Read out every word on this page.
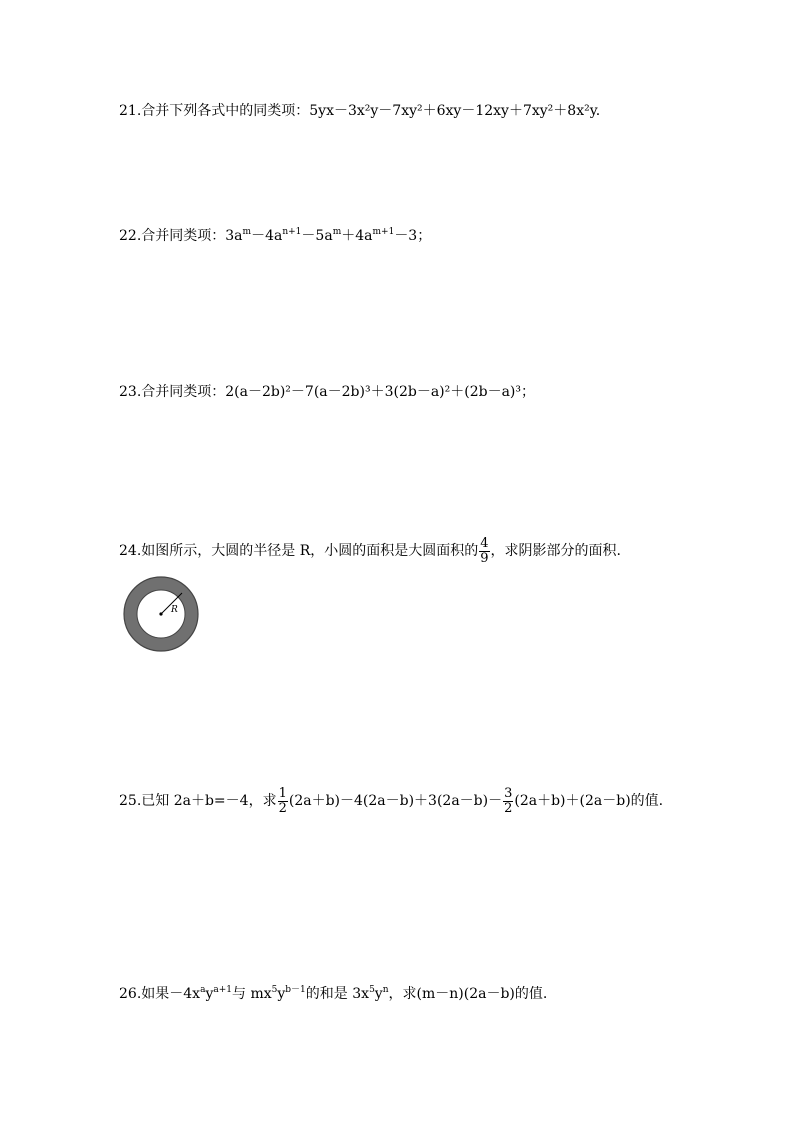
21.合并下列各式中的同类项：5yx－3x²y－7xy²＋6xy－12xy＋7xy²＋8x²y.
22.合并同类项：$3a^m-4a^{n+1}-5a^m+4a^{m+1}-3$；
23.合并同类项：2(a－2b)²－7(a－2b)³＋3(2b－a)²＋(2b－a)³；
24.如图所示，大圆的半径是 R，小圆的面积是大圆面积的 $\frac{4}{9}$ ，求阴影部分的面积.
R
25.已知 2a＋b=－4，求 $\frac{1}{2} (2a+b)-4(2a-b)+3(2a-b)- \frac{3}{2} (2a+b)+(2a-b)$的值.
26.如果$-4x^ay^{a+1}$与 $mx^5y^{b-1}$的和是 $3x^5y^n$，求(m－n)(2a－b)的值.
